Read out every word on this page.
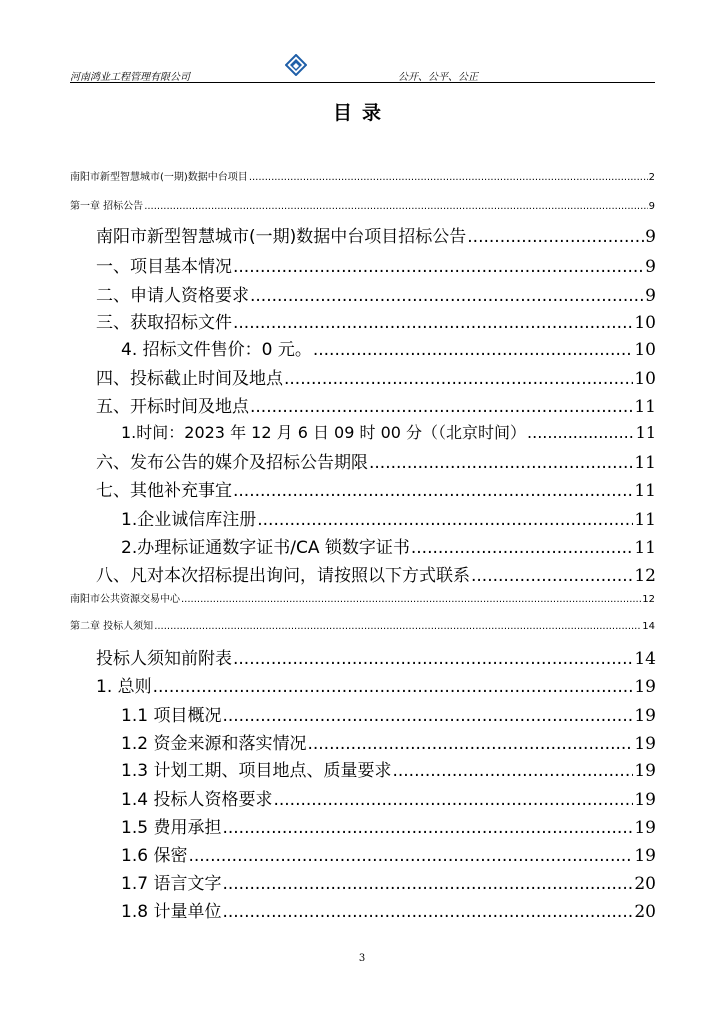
河南鸿业工程管理有限公司	公开、公平、公正
目录
南阳市新型智慧城市(一期)数据中台项目 .....	2
第一章 招标公告 .....	9
南阳市新型智慧城市(一期)数据中台项目招标公告 .....	9
一、项目基本情况 .....	9
二、申请人资格要求 .....	9
三、获取招标文件 .....	10
4. 招标文件售价：0 元。 .....	10
四、投标截止时间及地点 .....	10
五、开标时间及地点 .....	11
1.时间：2023 年 12 月 6 日 09 时 00 分（（北京时间） .....	11
六、发布公告的媒介及招标公告期限 .....	11
七、其他补充事宜 .....	11
1.企业诚信库注册 .....	11
2.办理标证通数字证书/CA 锁数字证书 .....	11
八、凡对本次招标提出询问，请按照以下方式联系 .....	12
南阳市公共资源交易中心 .....	12
第二章 投标人须知 .....	14
投标人须知前附表 .....	14
1. 总则 .....	19
1.1 项目概况 .....	19
1.2 资金来源和落实情况 .....	19
1.3 计划工期、项目地点、质量要求 .....	19
1.4 投标人资格要求 .....	19
1.5 费用承担 .....	19
1.6 保密 .....	19
1.7 语言文字 .....	20
1.8 计量单位 .....	20
3
